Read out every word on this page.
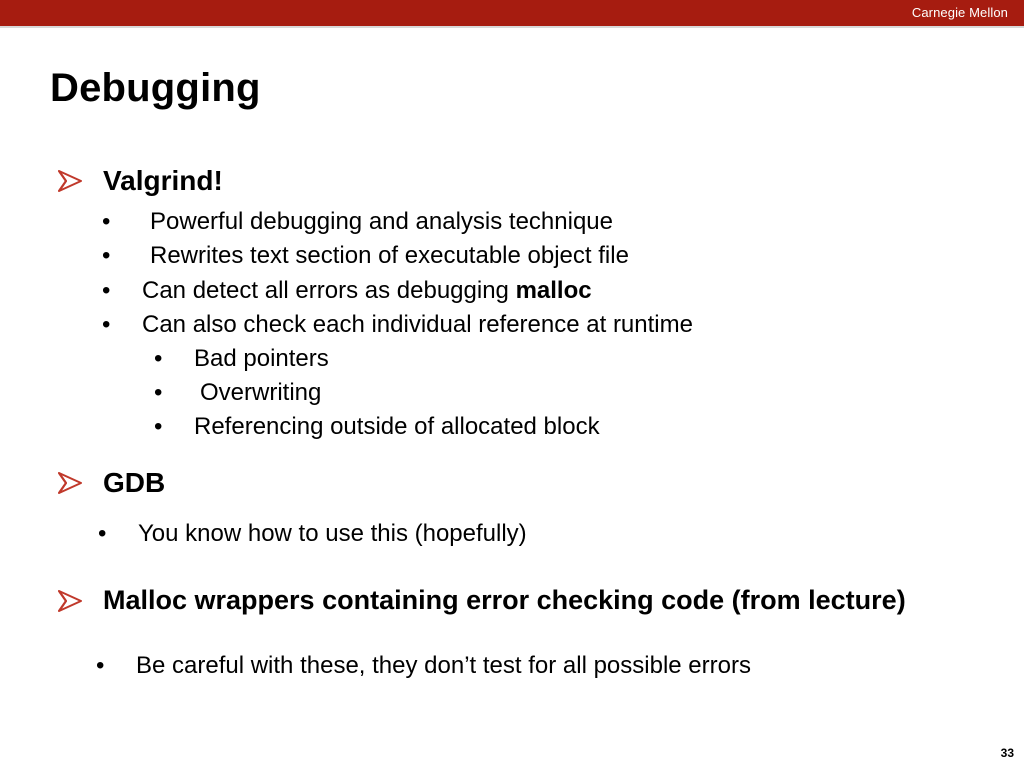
Carnegie Mellon
Debugging
Valgrind!
• Powerful debugging and analysis technique
• Rewrites text section of executable object file
• Can detect all errors as debugging malloc
• Can also check each individual reference at runtime
• Bad pointers
• Overwriting
• Referencing outside of allocated block
GDB
• You know how to use this (hopefully)
Malloc wrappers containing error checking code (from lecture)
• Be careful with these, they don’t test for all possible errors
33
